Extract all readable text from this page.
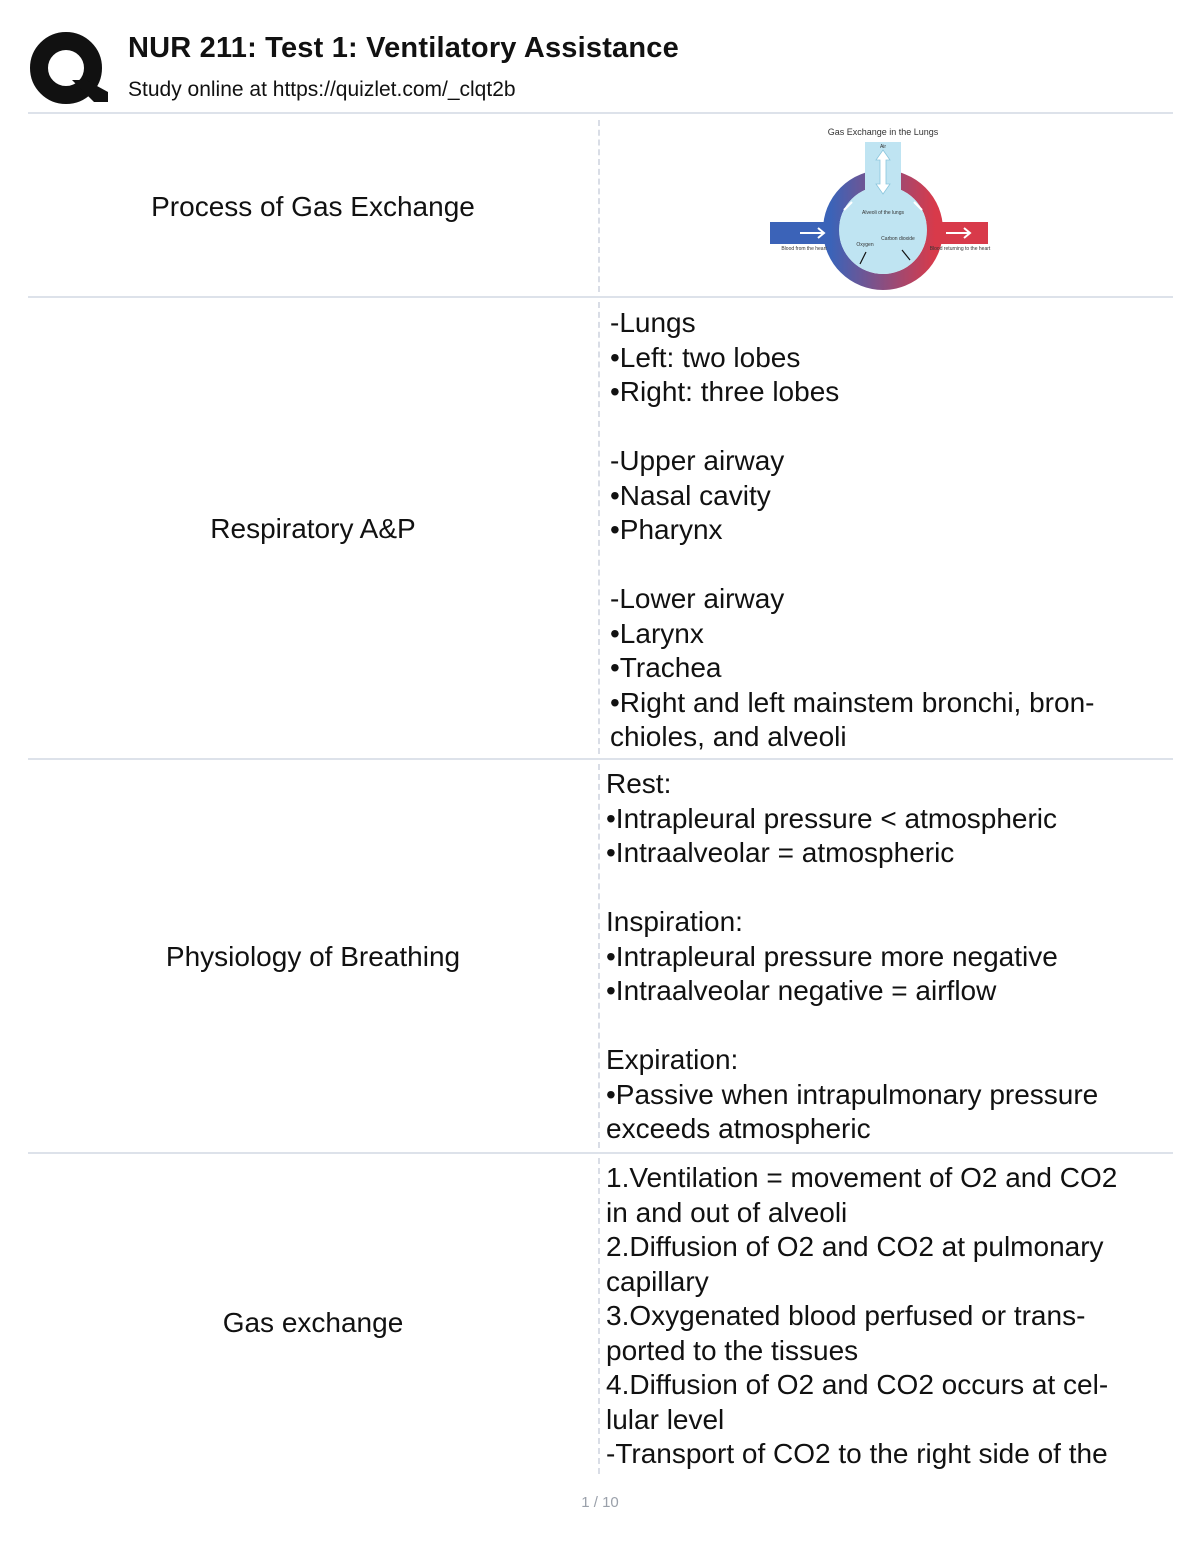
NUR 211: Test 1: Ventilatory Assistance
Study online at https://quizlet.com/_clqt2b
Process of Gas Exchange
Gas Exchange in the Lungs
Air
Alveoli of the lungs
Blood from the heart	Blood returning to the heart
Oxygen
Carbon dioxide
Respiratory A&P
-Lungs
•Left: two lobes
•Right: three lobes
-Upper airway
•Nasal cavity
•Pharynx
-Lower airway
•Larynx
•Trachea
•Right and left mainstem bronchi, bron-
chioles, and alveoli
Physiology of Breathing
Rest:
•Intrapleural pressure < atmospheric
•Intraalveolar = atmospheric
Inspiration:
•Intrapleural pressure more negative
•Intraalveolar negative = airflow
Expiration:
•Passive when intrapulmonary pressure
exceeds atmospheric
Gas exchange
1.Ventilation = movement of O2 and CO2
in and out of alveoli
2.Diffusion of O2 and CO2 at pulmonary
capillary
3.Oxygenated blood perfused or trans-
ported to the tissues
4.Diffusion of O2 and CO2 occurs at cel-
lular level
-Transport of CO2 to the right side of the
1 / 10
